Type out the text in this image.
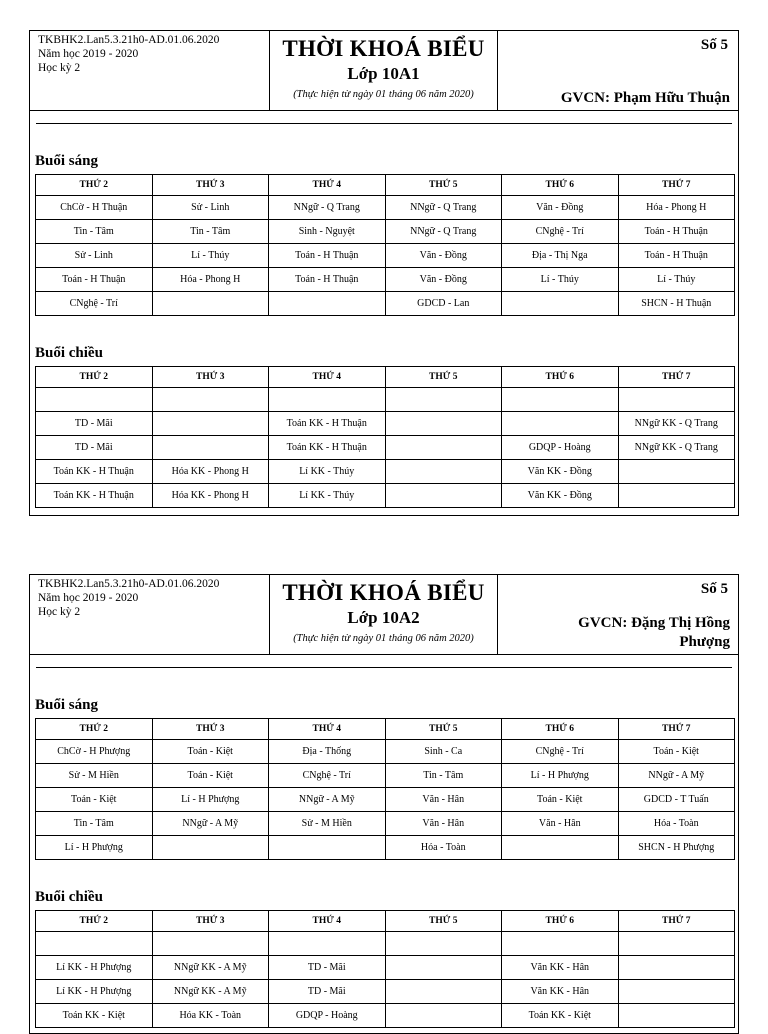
TKBHK2.Lan5.3.21h0-AD.01.06.2020
Năm học 2019 - 2020
Học kỳ 2
THỜI KHOÁ BIỂU
Lớp 10A1
(Thực hiện từ ngày 01 tháng 06 năm 2020)
Số 5
GVCN: Phạm Hữu Thuận
Buổi sáng
THỨ 2	THỨ 3	THỨ 4	THỨ 5	THỨ 6	THỨ 7
ChCờ - H Thuận	Sử - Linh	NNgữ - Q Trang	NNgữ - Q Trang	Văn - Đồng	Hóa - Phong H
Tin - Tâm	Tin - Tâm	Sinh - Nguyệt	NNgữ - Q Trang	CNghệ - Trí	Toán - H Thuận
Sử - Linh	Lí - Thúy	Toán - H Thuận	Văn - Đồng	Địa - Thị Nga	Toán - H Thuận
Toán - H Thuận	Hóa - Phong H	Toán - H Thuận	Văn - Đồng	Lí - Thúy	Lí - Thúy
CNghệ - Trí			GDCD - Lan		SHCN - H Thuận
Buổi chiều
THỨ 2	THỨ 3	THỨ 4	THỨ 5	THỨ 6	THỨ 7

TD - Mãi		Toán KK - H Thuận			NNgữ KK - Q Trang
TD - Mãi		Toán KK - H Thuận		GDQP - Hoàng	NNgữ KK - Q Trang
Toán KK - H Thuận	Hóa KK - Phong H	Lí KK - Thúy		Văn KK - Đồng	
Toán KK - H Thuận	Hóa KK - Phong H	Lí KK - Thúy		Văn KK - Đồng	
TKBHK2.Lan5.3.21h0-AD.01.06.2020
Năm học 2019 - 2020
Học kỳ 2
THỜI KHOÁ BIỂU
Lớp 10A2
(Thực hiện từ ngày 01 tháng 06 năm 2020)
Số 5
GVCN: Đặng Thị Hồng Phượng
Buổi sáng
THỨ 2	THỨ 3	THỨ 4	THỨ 5	THỨ 6	THỨ 7
ChCờ - H Phượng	Toán - Kiệt	Địa - Thống	Sinh - Ca	CNghệ - Trí	Toán - Kiệt
Sử - M Hiền	Toán - Kiệt	CNghệ - Trí	Tin - Tâm	Lí - H Phượng	NNgữ - A Mỹ
Toán - Kiệt	Lí - H Phượng	NNgữ - A Mỹ	Văn - Hân	Toán - Kiệt	GDCD - T Tuấn
Tin - Tâm	NNgữ - A Mỹ	Sử - M Hiền	Văn - Hân	Văn - Hân	Hóa - Toàn
Lí - H Phượng			Hóa - Toàn		SHCN - H Phượng
Buổi chiều
THỨ 2	THỨ 3	THỨ 4	THỨ 5	THỨ 6	THỨ 7

Lí KK - H Phượng	NNgữ KK - A Mỹ	TD - Mãi		Văn KK - Hân	
Lí KK - H Phượng	NNgữ KK - A Mỹ	TD - Mãi		Văn KK - Hân	
Toán KK - Kiệt	Hóa KK - Toàn	GDQP - Hoàng		Toán KK - Kiệt	
